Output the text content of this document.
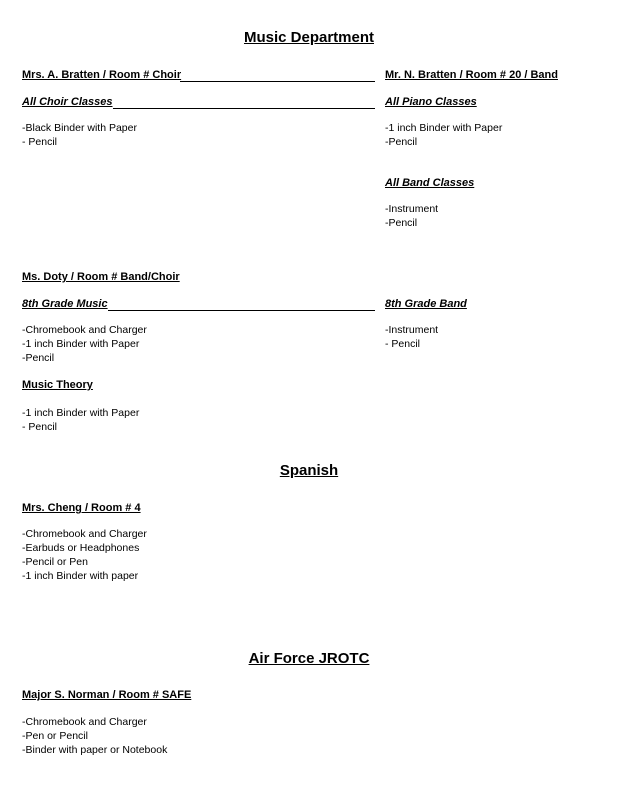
Music Department
Mrs. A. Bratten / Room # Choir	Mr. N. Bratten / Room # 20 / Band
All Choir Classes	All Piano Classes
-Black Binder with Paper
- Pencil
-1 inch Binder with Paper
-Pencil
All Band Classes
-Instrument
-Pencil
Ms. Doty / Room # Band/Choir
8th Grade Music	8th Grade Band
-Chromebook and Charger
-1 inch Binder with Paper
-Pencil
-Instrument
- Pencil
Music Theory
-1 inch Binder with Paper
- Pencil
Spanish
Mrs. Cheng / Room # 4
-Chromebook and Charger
-Earbuds or Headphones
-Pencil or Pen
-1 inch Binder with paper
Air Force JROTC
Major S. Norman / Room # SAFE
-Chromebook and Charger
-Pen or Pencil
-Binder with paper or Notebook
